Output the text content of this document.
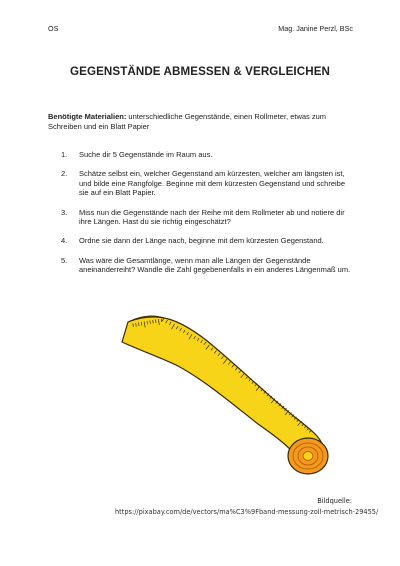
OS	Mag. Janine Perzl, BSc
GEGENSTÄNDE ABMESSEN & VERGLEICHEN
Benötigte Materialien: unterschiedliche Gegenstände, einen Rollmeter, etwas zum Schreiben und ein Blatt Papier
1. Suche dir 5 Gegenstände im Raum aus.
2. Schätze selbst ein, welcher Gegenstand am kürzesten, welcher am längsten ist, und bilde eine Rangfolge. Beginne mit dem kürzesten Gegenstand und schreibe sie auf ein Blatt Papier.
3. Miss nun die Gegenstände nach der Reihe mit dem Rollmeter ab und notiere dir ihre Längen. Hast du sie richtig eingeschätzt?
4. Ordne sie dann der Länge nach, beginne mit dem kürzesten Gegenstand.
5. Was wäre die Gesamtlänge, wenn man alle Längen der Gegenstände aneinanderreiht? Wandle die Zahl gegebenenfalls in ein anderes Längenmaß um.
Bildquelle:
https://pixabay.com/de/vectors/ma%C3%9Fband-messung-zoll-metrisch-29455/
